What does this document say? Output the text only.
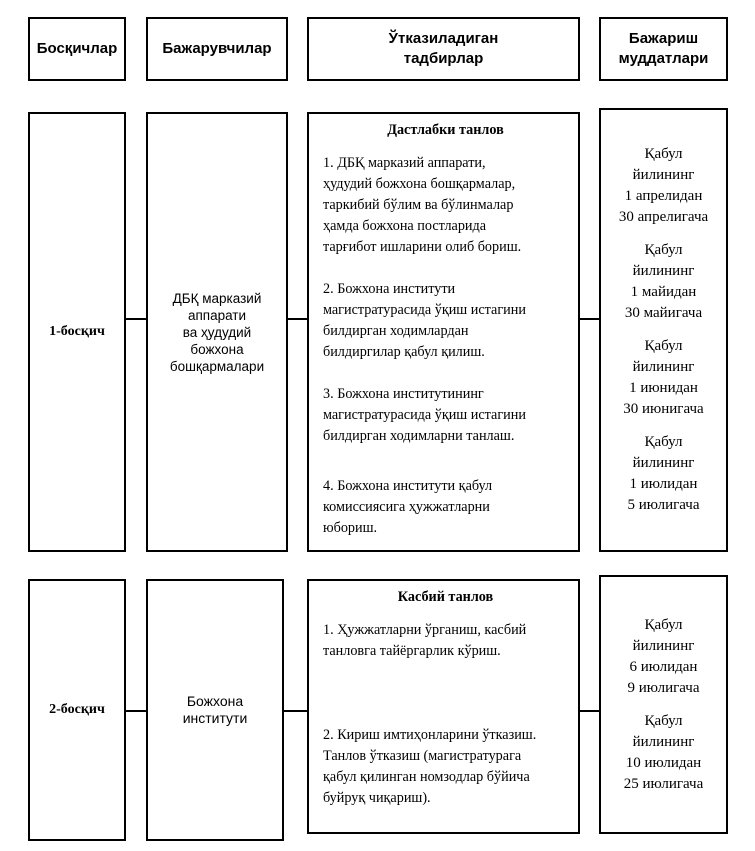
Босқичлар	Бажарувчилар
Ўтказиладиган
тадбирлар
Бажариш
муддатлари
1-босқич
ДБҚ марказий
аппарати
ва ҳудудий
божхона
бошқармалари
Дастлабки танлов
1. ДБҚ марказий аппарати,
ҳудудий божхона бошқармалар,
таркибий бўлим ва бўлинмалар
ҳамда божхона постларида
тарғибот ишларини олиб бориш.
2. Божхона институти
магистратурасида ўқиш истагини
билдирган ходимлардан
билдиргилар қабул қилиш.
3. Божхона институтининг
магистратурасида ўқиш истагини
билдирган ходимларни танлаш.
4. Божхона институти қабул
комиссиясига ҳужжатларни
юбориш.
Қабул
йилининг
1 апрелидан
30 апрелигача
Қабул
йилининг
1 майидан
30 майигача
Қабул
йилининг
1 июнидан
30 июнигача
Қабул
йилининг
1 июлидан
5 июлигача
2-босқич
Божхона
институти
Касбий танлов
1. Ҳужжатларни ўрганиш, касбий
танловга тайёргарлик кўриш.
2. Кириш имтиҳонларини ўтказиш.
Танлов ўтказиш (магистратурага
қабул қилинган номзодлар бўйича
буйруқ чиқариш).
Қабул
йилининг
6 июлидан
9 июлигача
Қабул
йилининг
10 июлидан
25 июлигача
